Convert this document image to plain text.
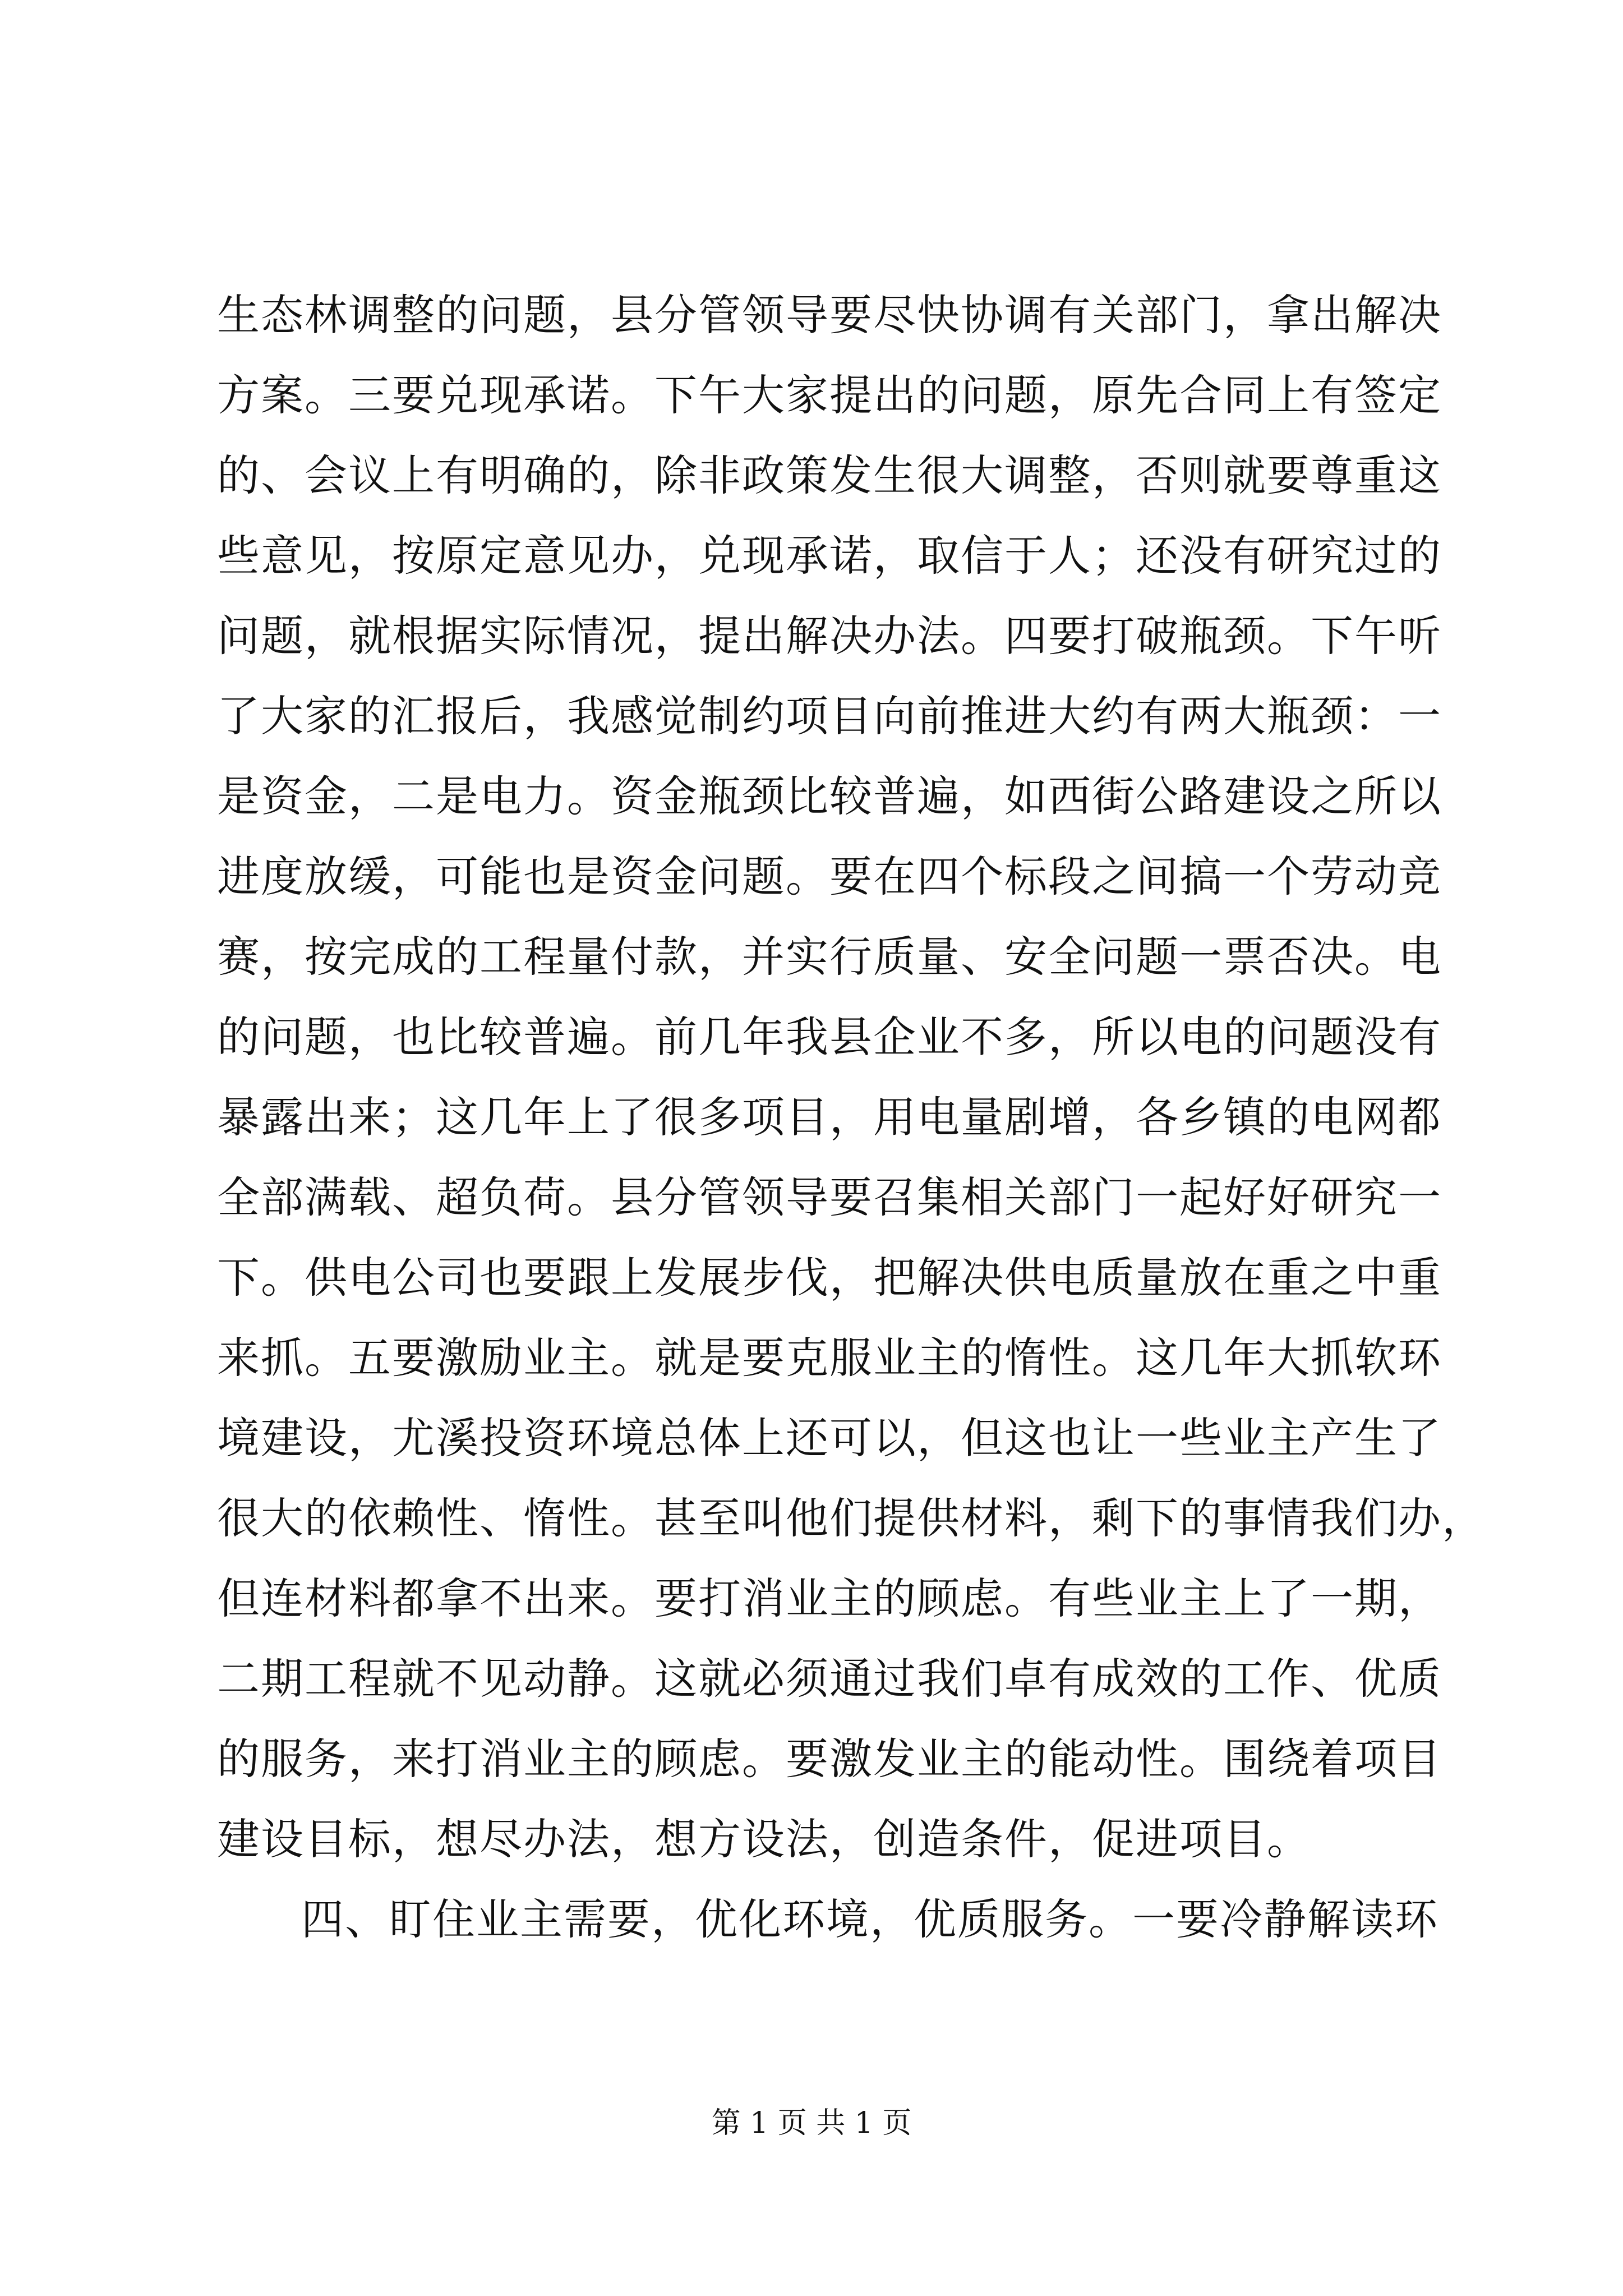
生态林调整的问题，县分管领导要尽快协调有关部门，拿出解决
方案。三要兑现承诺。下午大家提出的问题，原先合同上有签定
的、会议上有明确的，除非政策发生很大调整，否则就要尊重这
些意见，按原定意见办，兑现承诺，取信于人；还没有研究过的
问题，就根据实际情况，提出解决办法。四要打破瓶颈。下午听
了大家的汇报后，我感觉制约项目向前推进大约有两大瓶颈：一
是资金，二是电力。资金瓶颈比较普遍，如西街公路建设之所以
进度放缓，可能也是资金问题。要在四个标段之间搞一个劳动竞
赛，按完成的工程量付款，并实行质量、安全问题一票否决。电
的问题，也比较普遍。前几年我县企业不多，所以电的问题没有
暴露出来；这几年上了很多项目，用电量剧增，各乡镇的电网都
全部满载、超负荷。县分管领导要召集相关部门一起好好研究一
下。供电公司也要跟上发展步伐，把解决供电质量放在重之中重
来抓。五要激励业主。就是要克服业主的惰性。这几年大抓软环
境建设，尤溪投资环境总体上还可以，但这也让一些业主产生了
很大的依赖性、惰性。甚至叫他们提供材料，剩下的事情我们办，
但连材料都拿不出来。要打消业主的顾虑。有些业主上了一期，
二期工程就不见动静。这就必须通过我们卓有成效的工作、优质
的服务，来打消业主的顾虑。要激发业主的能动性。围绕着项目
建设目标，想尽办法，想方设法，创造条件，促进项目。
四、盯住业主需要，优化环境，优质服务。一要冷静解读环
第 1 页 共 1 页
